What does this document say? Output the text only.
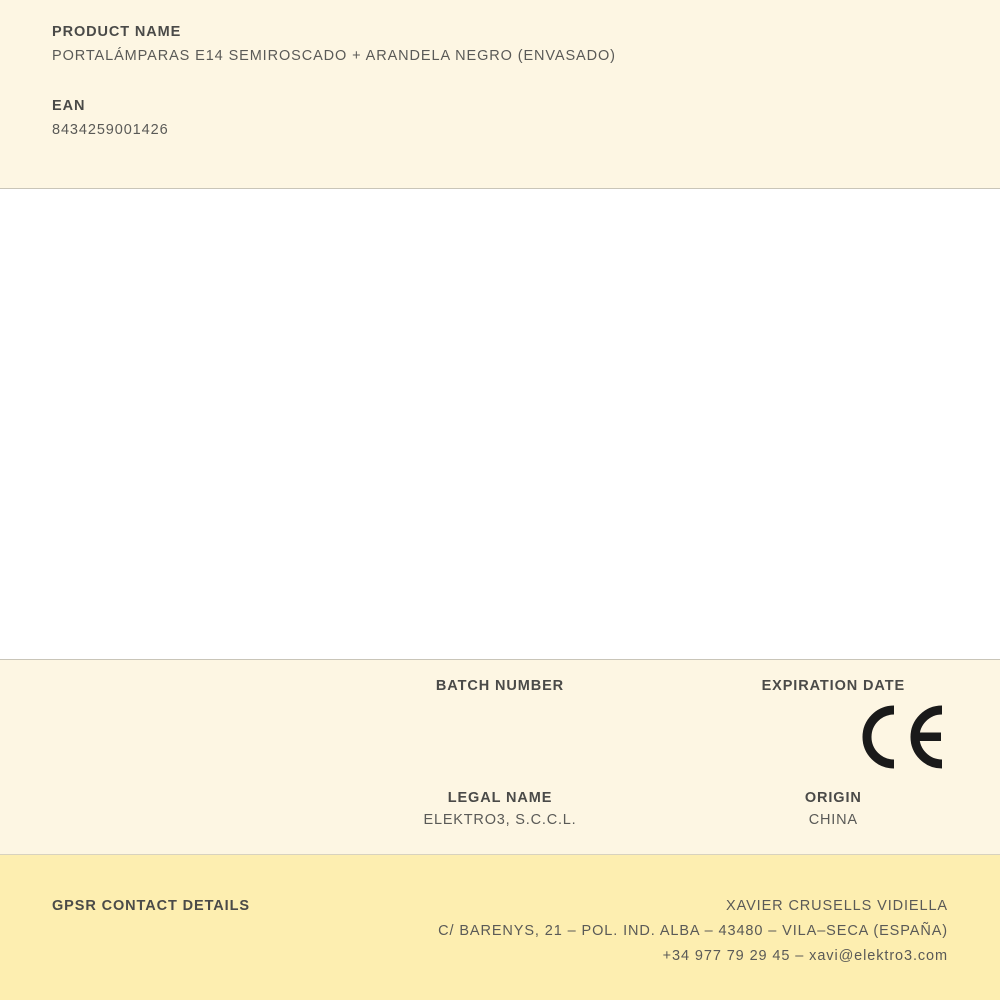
PRODUCT NAME

PORTALÁMPARAS E14 SEMIROSCADO + ARANDELA NEGRO (ENVASADO)

EAN

8434259001426

BATCH NUMBER	EXPIRATION DATE

LEGAL NAME

ELEKTRO3, S.C.C.L.

ORIGIN

CHINA

GPSR CONTACT DETAILS	XAVIER CRUSELLS VIDIELLA

C/ BARENYS, 21 – POL. IND. ALBA – 43480 – VILA–SECA (ESPAÑA)

+34 977 79 29 45 – xavi@elektro3.com
